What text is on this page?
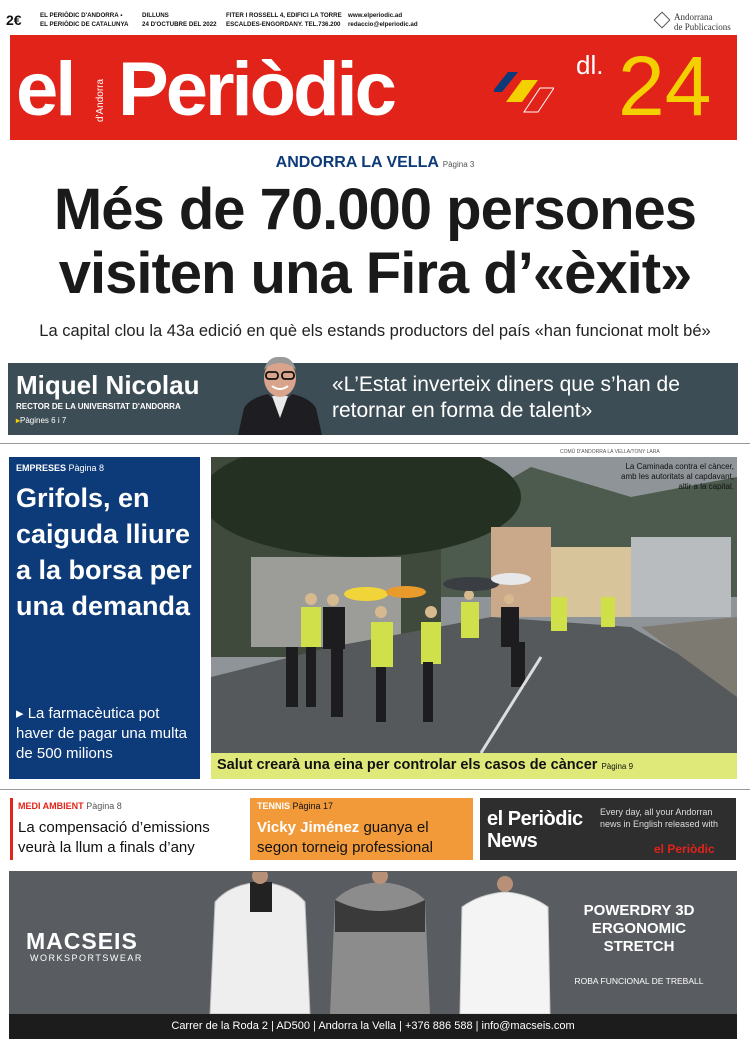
2€	EL PERIÒDIC D'ANDORRA ▪
EL PERIÒDIC DE CATALUNYA
DILLUNS
24 D'OCTUBRE DEL 2022
FITER I ROSSELL 4, EDIFICI LA TORRE
ESCALDES-ENGORDANY. TEL.736.200
www.elperiodic.ad
redaccio@elperiodic.ad
Andorrana
de Publicacions
el d'Andorra Periòdic	dl. 24
ANDORRA LA VELLA Pàgina 3
Més de 70.000 persones
visiten una Fira d’«èxit»
La capital clou la 43a edició en què els estands productors del país «han funcionat molt bé»
Miquel Nicolau
RECTOR DE LA UNIVERSITAT D'ANDORRA
▸Pàgines 6 i 7
«L’Estat inverteix diners que s’han de retornar en forma de talent»
EMPRESES Pàgina 8
Grifols, en caiguda lliure a la borsa per una demanda
▸ La farmacèutica pot haver de pagar una multa de 500 milions
COMÚ D'ANDORRA LA VELLA/TONY LARA
La Caminada contra el càncer, amb les autoritats al capdavant, altir a la capital.
Salut crearà una eina per controlar els casos de càncer Pàgina 9
MEDI AMBIENT Pàgina 8
La compensació d’emissions veurà la llum a finals d’any
TENNIS Pàgina 17
Vicky Jiménez guanya el segon torneig professional
el Periòdic
News
Every day, all your Andorran news in English released with
el Periòdic
MACSEIS
WORKSPORTSWEAR
POWERDRY 3D ERGONOMIC STRETCH
ROBA FUNCIONAL DE TREBALL
Carrer de la Roda 2 | AD500 | Andorra la Vella | +376 886 588 | info@macseis.com
